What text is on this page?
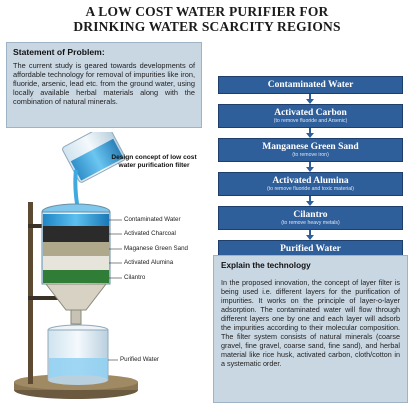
A LOW COST WATER PURIFIER FOR
DRINKING WATER SCARCITY REGIONS
Statement of Problem:
The current study is geared towards developments of affordable technology for removal of impurities like iron, fluoride, arsenic, lead etc. from the ground water, using locally available herbal materials along with the combination of natural minerals.
Design concept of low cost water purification filter
Contaminated Water
Activated Charcoal
Maganese Green Sand
Activated Alumina
Cilantro
Purified Water
Contaminated Water
Activated Carbon
(to remove fluoride and Arsenic)
Manganese Green Sand
(to remove iron)
Activated Alumina
(to remove fluoride and toxic material)
Cilantro
(to remove heavy metals)
Purified Water
Explain the technology
In the proposed innovation, the concept of layer filter is being used i.e. different layers for the purification of impurities. It works on the principle of layer-o-layer adsorption. The contaminated water will flow through different layers one by one and each layer will adsorb the impurities according to their molecular composition. The filter system consists of natural minerals (coarse gravel, fine gravel, coarse sand, fine sand), and herbal material like rice husk, activated carbon, cloth/cotton in a systematic order.
